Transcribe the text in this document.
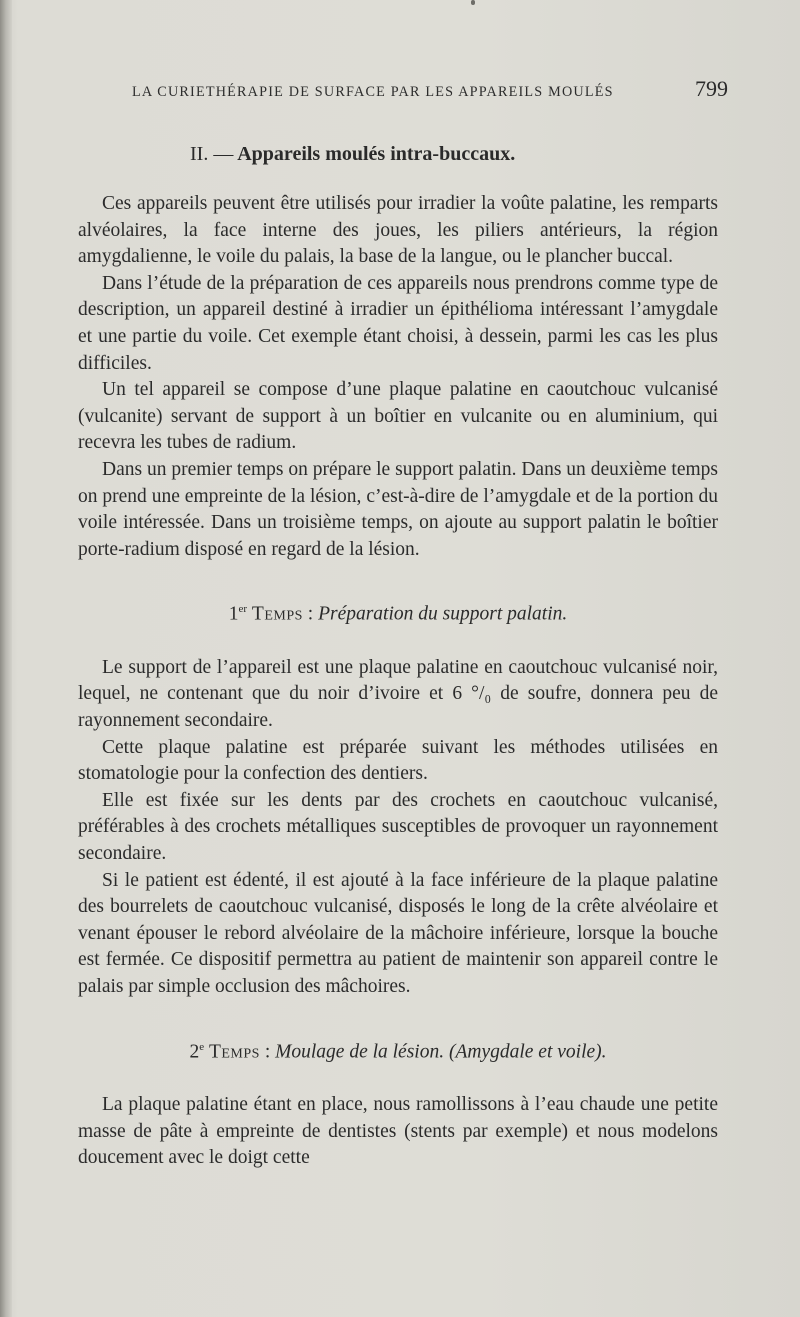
LA CURIETHÉRAPIE DE SURFACE PAR LES APPAREILS MOULÉS	799
II. — Appareils moulés intra-buccaux.

Ces appareils peuvent être utilisés pour irradier la voûte palatine, les remparts alvéolaires, la face interne des joues, les piliers antérieurs, la région amygdalienne, le voile du palais, la base de la langue, ou le plancher buccal.

Dans l’étude de la préparation de ces appareils nous prendrons comme type de description, un appareil destiné à irradier un épithélioma intéressant l’amygdale et une partie du voile. Cet exemple étant choisi, à dessein, parmi les cas les plus difficiles.

Un tel appareil se compose d’une plaque palatine en caoutchouc vulcanisé (vulcanite) servant de support à un boîtier en vulcanite ou en aluminium, qui recevra les tubes de radium.

Dans un premier temps on prépare le support palatin. Dans un deuxième temps on prend une empreinte de la lésion, c’est-à-dire de l’amygdale et de la portion du voile intéressée. Dans un troisième temps, on ajoute au support palatin le boîtier porte-radium disposé en regard de la lésion.

1er Temps : Préparation du support palatin.

Le support de l’appareil est une plaque palatine en caoutchouc vulcanisé noir, lequel, ne contenant que du noir d’ivoire et 6 °/₀ de soufre, donnera peu de rayonnement secondaire.

Cette plaque palatine est préparée suivant les méthodes utilisées en stomatologie pour la confection des dentiers.

Elle est fixée sur les dents par des crochets en caoutchouc vulcanisé, préférables à des crochets métalliques susceptibles de provoquer un rayonnement secondaire.

Si le patient est édenté, il est ajouté à la face inférieure de la plaque palatine des bourrelets de caoutchouc vulcanisé, disposés le long de la crête alvéolaire et venant épouser le rebord alvéolaire de la mâchoire inférieure, lorsque la bouche est fermée. Ce dispositif permettra au patient de maintenir son appareil contre le palais par simple occlusion des mâchoires.

2e Temps : Moulage de la lésion. (Amygdale et voile).

La plaque palatine étant en place, nous ramollissons à l’eau chaude une petite masse de pâte à empreinte de dentistes (stents par exemple) et nous modelons doucement avec le doigt cette
